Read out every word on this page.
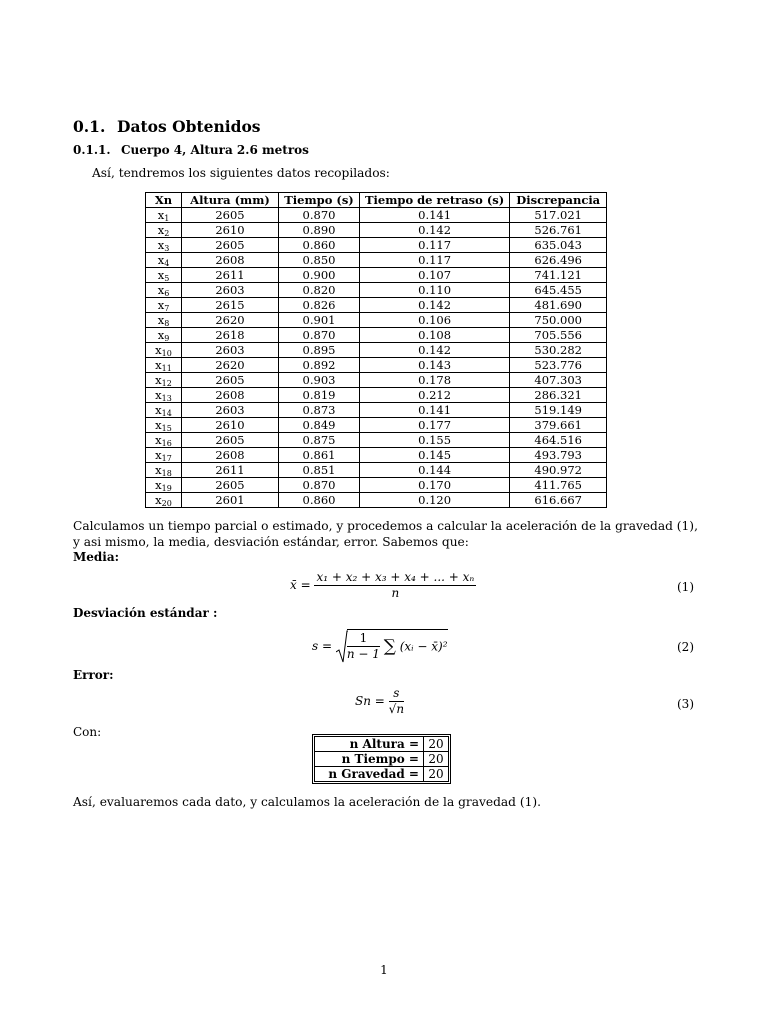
0.1. Datos Obtenidos
0.1.1. Cuerpo 4, Altura 2.6 metros

Así, tendremos los siguientes datos recopilados:

Xn	Altura (mm)	Tiempo (s)	Tiempo de retraso (s)	Discrepancia
$x_1$	2605	0.870	0.141	517.021
$x_2$	2610	0.890	0.142	526.761
$x_3$	2605	0.860	0.117	635.043
$x_4$	2608	0.850	0.117	626.496
$x_5$	2611	0.900	0.107	741.121
$x_6$	2603	0.820	0.110	645.455
$x_7$	2615	0.826	0.142	481.690
$x_8$	2620	0.901	0.106	750.000
$x_9$	2618	0.870	0.108	705.556
$x_{10}$	2603	0.895	0.142	530.282
$x_{11}$	2620	0.892	0.143	523.776
$x_{12}$	2605	0.903	0.178	407.303
$x_{13}$	2608	0.819	0.212	286.321
$x_{14}$	2603	0.873	0.141	519.149
$x_{15}$	2610	0.849	0.177	379.661
$x_{16}$	2605	0.875	0.155	464.516
$x_{17}$	2608	0.861	0.145	493.793
$x_{18}$	2611	0.851	0.144	490.972
$x_{19}$	2605	0.870	0.170	411.765
$x_{20}$	2601	0.860	0.120	616.667

Calculamos un tiempo parcial o estimado, y procedemos a calcular la aceleración de la gravedad (1), y asi mismo, la media, desviación estándar, error. Sabemos que:

Media:

x̄ = $\frac{\text{x₁ + x₂ + x₃ + x₄ + ... + xₙ}}{n}$	(1)

Desviación estándar :

$s = \frac{1}{n - 1}$ ∑ (xᵢ − x̄)²	(2)

Error:

$Sn = \frac{s}{√n}$	(3)

Con:

n Altura =	20
n Tiempo =	20
n Gravedad =	20

Así, evaluaremos cada dato, y calculamos la aceleración de la gravedad (1).

1
